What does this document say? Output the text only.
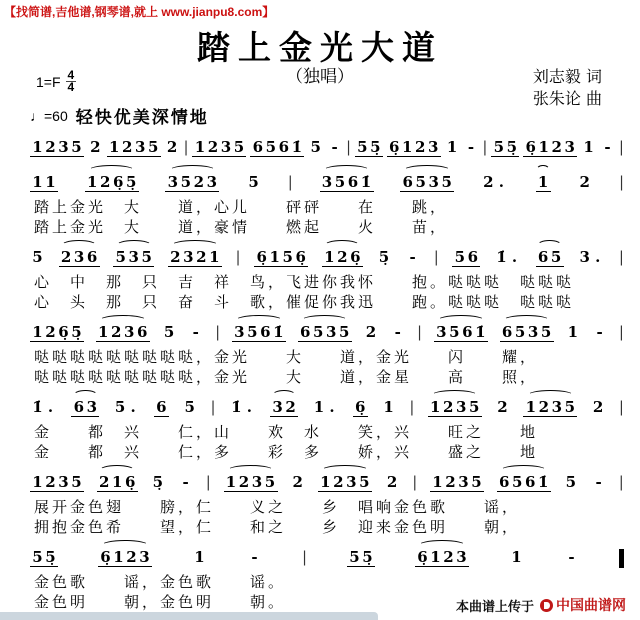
【找简谱,吉他谱,钢琴谱,就上 www.jianpu8.com】
踏上金光大道
（独唱）
$1=F \frac{4}{4}$	刘志毅 词
张朱论 曲
♩=60 轻快优美深情地
1 2 3 5 2 1 2 3 5 2 | 1 2 3 5 6 5 6 1̇ 5 - | 5 5̣ 6̣ 1 2 3 1 - | 5 5̣ 6̣ 1 2 3 1 - |
1 1 1 2 6̣ 5̣ 3 5 2 3 5 | 3 5 6 1̇ 6 5 3 5 2 . 1 2 |
踏上金光　大　　道，心儿　　砰砰　　在　　跳，
踏上金光　大　　道，豪情　　燃起　　火　　苗，
5 2 3 6 5 3 5 2 3 2 1 | 6̣ 1 5 6̣ 1 2 6̣ 5̣ - | 5 6 1̇ . 6 5 3 . |
心　中　那　只　吉　祥　鸟，飞进你我怀　　抱。哒哒哒　哒哒哒
心　头　那　只　奋　斗　歌，催促你我迅　　跑。哒哒哒　哒哒哒
1 2 6̣ 5̣ 1 2 3 6 5 - | 3 5 6 1̇ 6 5 3 5 2 - | 3 5 6 1̇ 6 5 3 5 1 - |
哒哒哒哒哒哒哒哒哒，金光　　大　　道，金光　　闪　　耀，
哒哒哒哒哒哒哒哒哒，金光　　大　　道，金星　　高　　照，
1̇ . 6 3 5 . 6 5 | 1̇ . 3 2 1 . 6̣ 1 | 1 2 3 5 2 1 2 3 5 2 |
金　　都　兴　　仁，山　　欢　水　　笑，兴　　旺之　　地
金　　都　兴　　仁，多　　彩　多　　娇，兴　　盛之　　地
1 2 3 5 2 1 6̣ 5̣ - | 1 2 3 5 2 1 2 3 5 2 | 1 2 3 5 6 5 6 1̇ 5 - |
展开金色翅　　膀，仁　　义之　　乡　唱响金色歌　　谣，
拥抱金色希　　望，仁　　和之　　乡　迎来金色明　　朝，
5 5̣	6̣ 1 2 3	1	-	|	5 5̣	6̣ 1 2 3	1	-
金色歌　　谣，金色歌　　谣。
金色明　　朝，金色明　　朝。	本曲谱上传于 中国曲谱网
